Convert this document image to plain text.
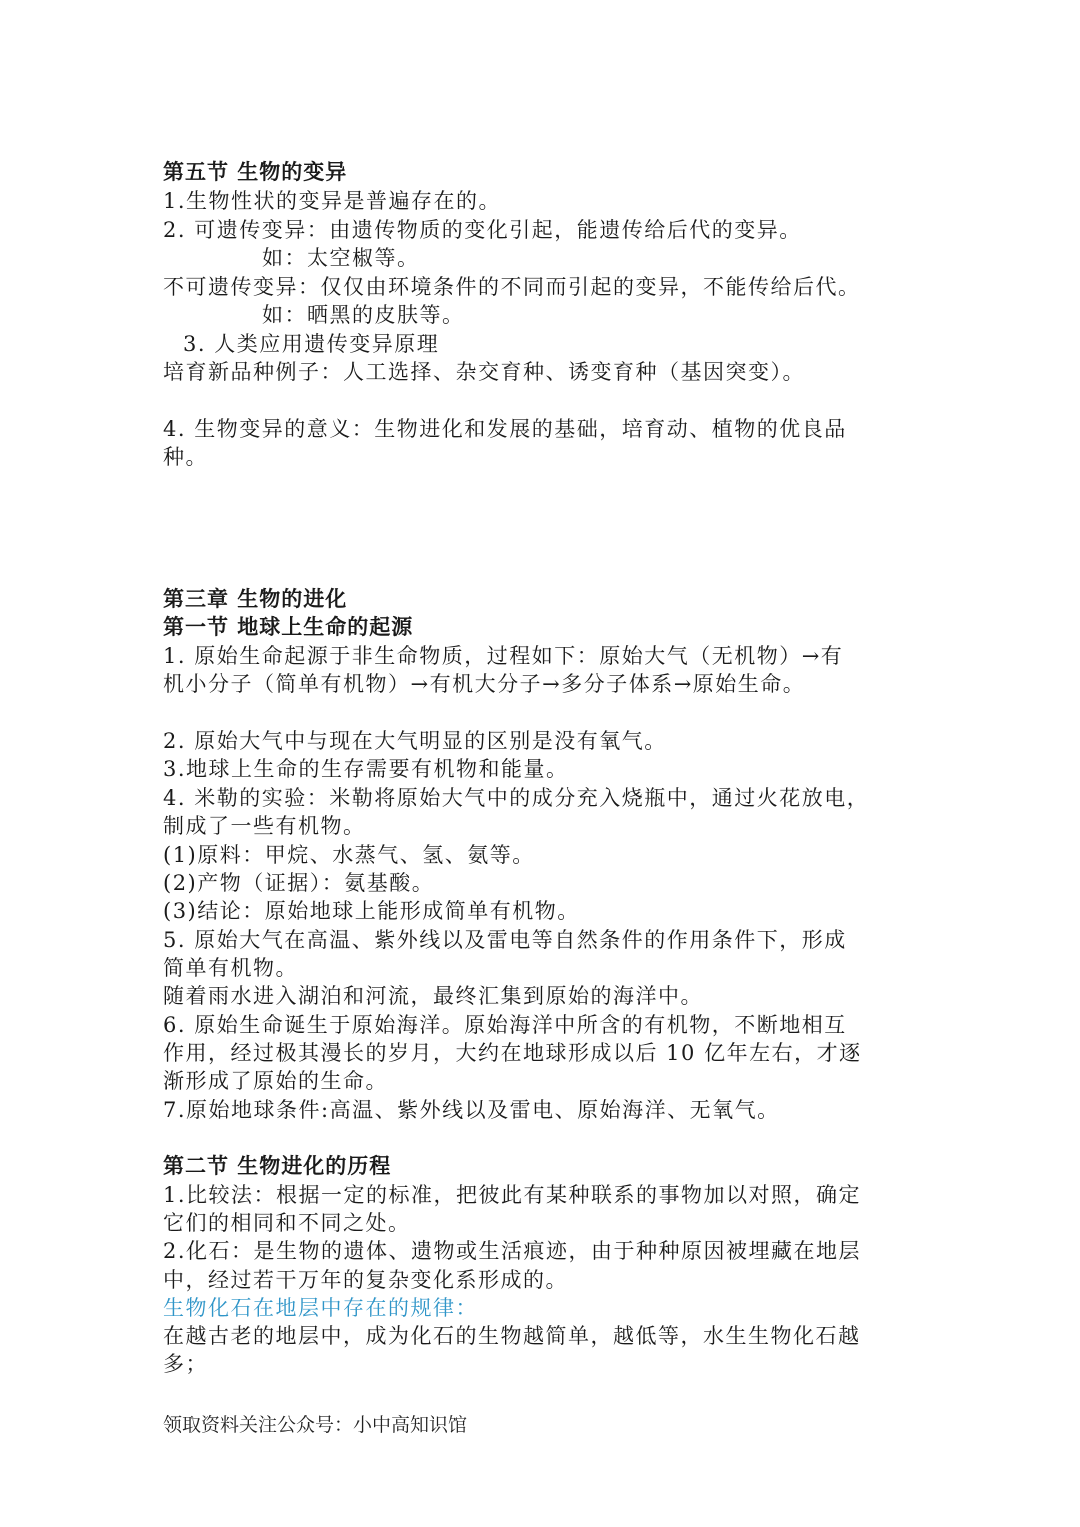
第五节 生物的变异
1.生物性状的变异是普遍存在的。
2. 可遗传变异：由遗传物质的变化引起，能遗传给后代的变异。
如：太空椒等。
不可遗传变异：仅仅由环境条件的不同而引起的变异，不能传给后代。
如：晒黑的皮肤等。
3. 人类应用遗传变异原理
培育新品种例子：人工选择、杂交育种、诱变育种（基因突变）。
4. 生物变异的意义：生物进化和发展的基础，培育动、植物的优良品
种。
第三章 生物的进化
第一节 地球上生命的起源
1. 原始生命起源于非生命物质，过程如下：原始大气（无机物）→有
机小分子（简单有机物）→有机大分子→多分子体系→原始生命。
2. 原始大气中与现在大气明显的区别是没有氧气。
3.地球上生命的生存需要有机物和能量。
4. 米勒的实验：米勒将原始大气中的成分充入烧瓶中，通过火花放电，
制成了一些有机物。
(1)原料：甲烷、水蒸气、氢、氨等。
(2)产物（证据）：氨基酸。
(3)结论：原始地球上能形成简单有机物。
5. 原始大气在高温、紫外线以及雷电等自然条件的作用条件下，形成
简单有机物。
随着雨水进入湖泊和河流，最终汇集到原始的海洋中。
6. 原始生命诞生于原始海洋。原始海洋中所含的有机物，不断地相互
作用，经过极其漫长的岁月，大约在地球形成以后 10 亿年左右，才逐
渐形成了原始的生命。
7.原始地球条件:高温、紫外线以及雷电、原始海洋、无氧气。
第二节 生物进化的历程
1.比较法：根据一定的标准，把彼此有某种联系的事物加以对照，确定
它们的相同和不同之处。
2.化石：是生物的遗体、遗物或生活痕迹，由于种种原因被埋藏在地层
中，经过若干万年的复杂变化系形成的。
生物化石在地层中存在的规律：
在越古老的地层中，成为化石的生物越简单，越低等，水生生物化石越
多；
领取资料关注公众号：小中高知识馆
